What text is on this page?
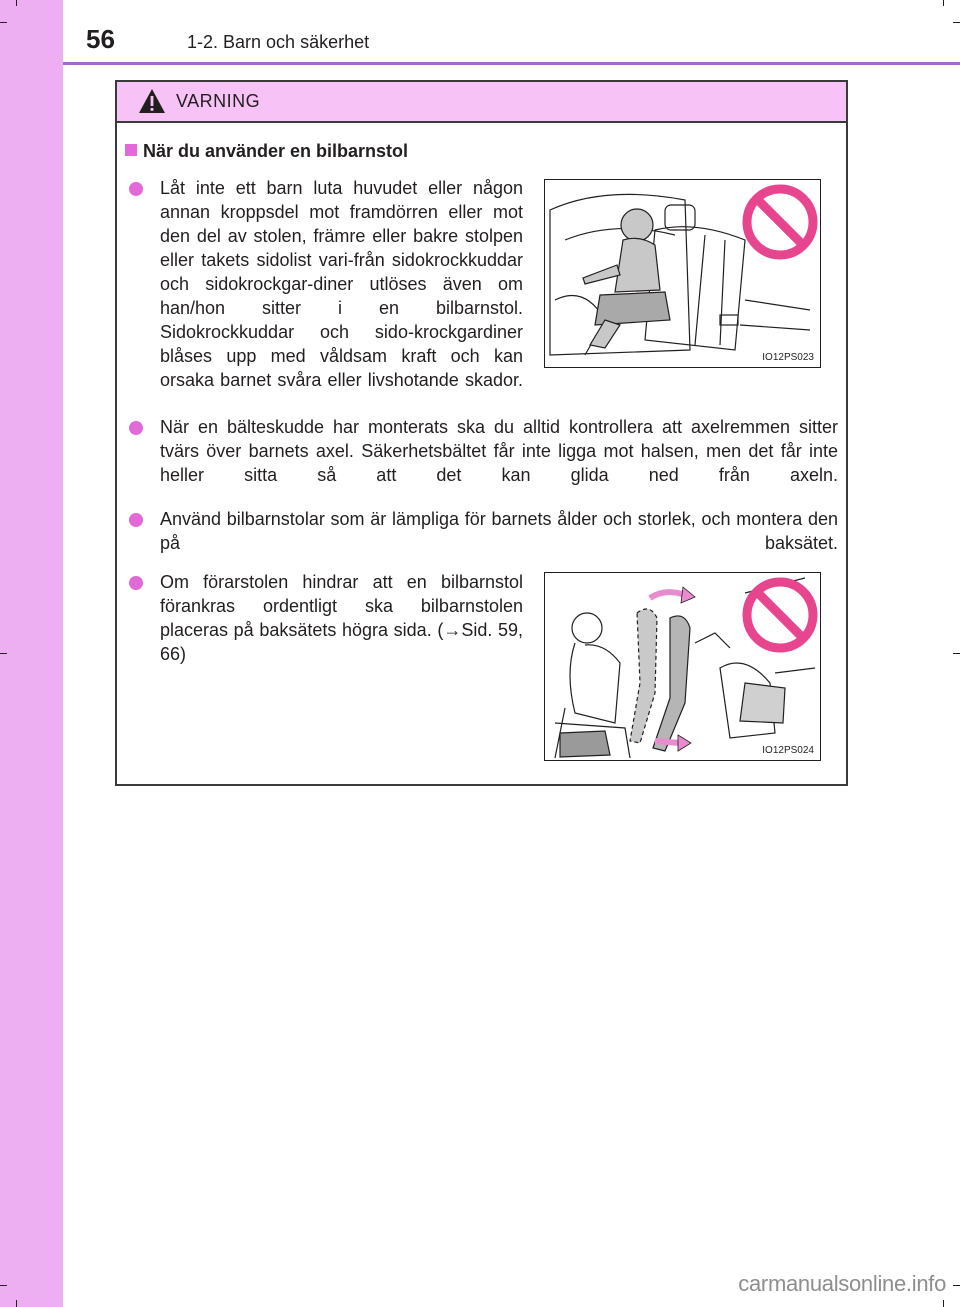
56	1-2. Barn och säkerhet
VARNING
När du använder en bilbarnstol
Låt inte ett barn luta huvudet eller någon annan kroppsdel mot framdörren eller mot den del av stolen, främre eller bakre stolpen eller takets sidolist vari-från sidokrockkuddar och sidokrockgar-diner utlöses även om han/hon sitter i en bilbarnstol. Sidokrockkuddar och sido-krockgardiner blåses upp med våldsam kraft och kan orsaka barnet svåra eller livshotande skador.
IO12PS023
När en bälteskudde har monterats ska du alltid kontrollera att axelremmen sitter tvärs över barnets axel. Säkerhetsbältet får inte ligga mot halsen, men det får inte heller sitta så att det kan glida ned från axeln.
Använd bilbarnstolar som är lämpliga för barnets ålder och storlek, och montera den på baksätet.
Om förarstolen hindrar att en bilbarnstol förankras ordentligt ska bilbarnstolen placeras på baksätets högra sida. (→Sid. 59, 66)
IO12PS024
carmanualsonline.info
